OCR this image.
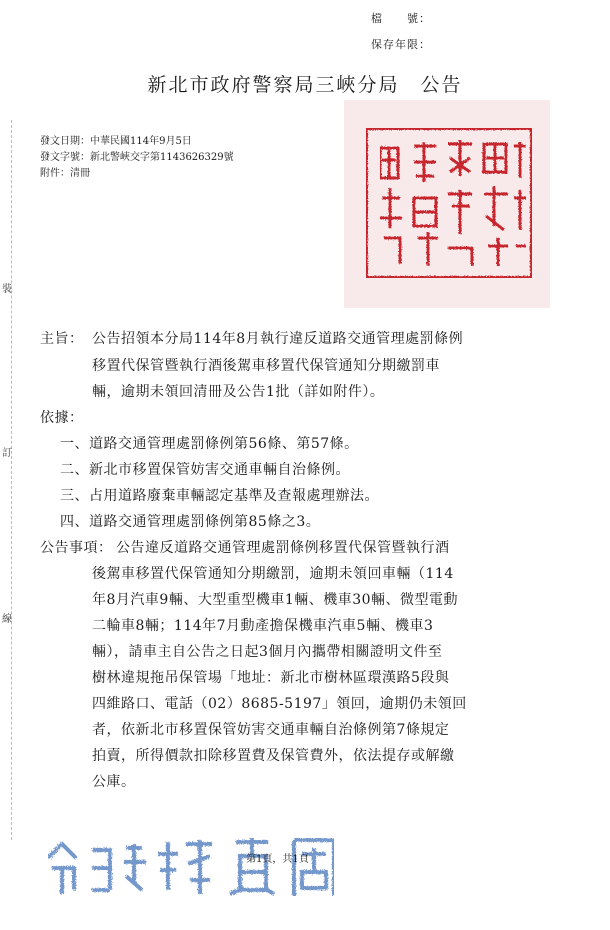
檔　　號：
保存年限：
新北市政府警察局三峽分局　公告
發文日期：中華民國114年9月5日
發文字號：新北警峽交字第1143626329號
附件：清冊
裝
訂
線
主旨： 公告招領本分局114年8月執行違反道路交通管理處罰條例
移置代保管暨執行酒後駕車移置代保管通知分期繳罰車
輛，逾期未領回清冊及公告1批（詳如附件）。
依據：
一、道路交通管理處罰條例第56條、第57條。
二、新北市移置保管妨害交通車輛自治條例。
三、占用道路廢棄車輛認定基準及查報處理辦法。
四、道路交通管理處罰條例第85條之3。
公告事項： 公告違反道路交通管理處罰條例移置代保管暨執行酒
後駕車移置代保管通知分期繳罰，逾期未領回車輛（114
年8月汽車9輛、大型重型機車1輛、機車30輛、微型電動
二輪車8輛；114年7月動產擔保機車汽車5輛、機車3
輛），請車主自公告之日起3個月內攜帶相關證明文件至
樹林違規拖吊保管場「地址：新北市樹林區環漢路5段與
四維路口、電話（02）8685-5197」領回，逾期仍未領回
者，依新北市移置保管妨害交通車輛自治條例第7條規定
拍賣，所得價款扣除移置費及保管費外，依法提存或解繳
公庫。
第1頁，共1頁
